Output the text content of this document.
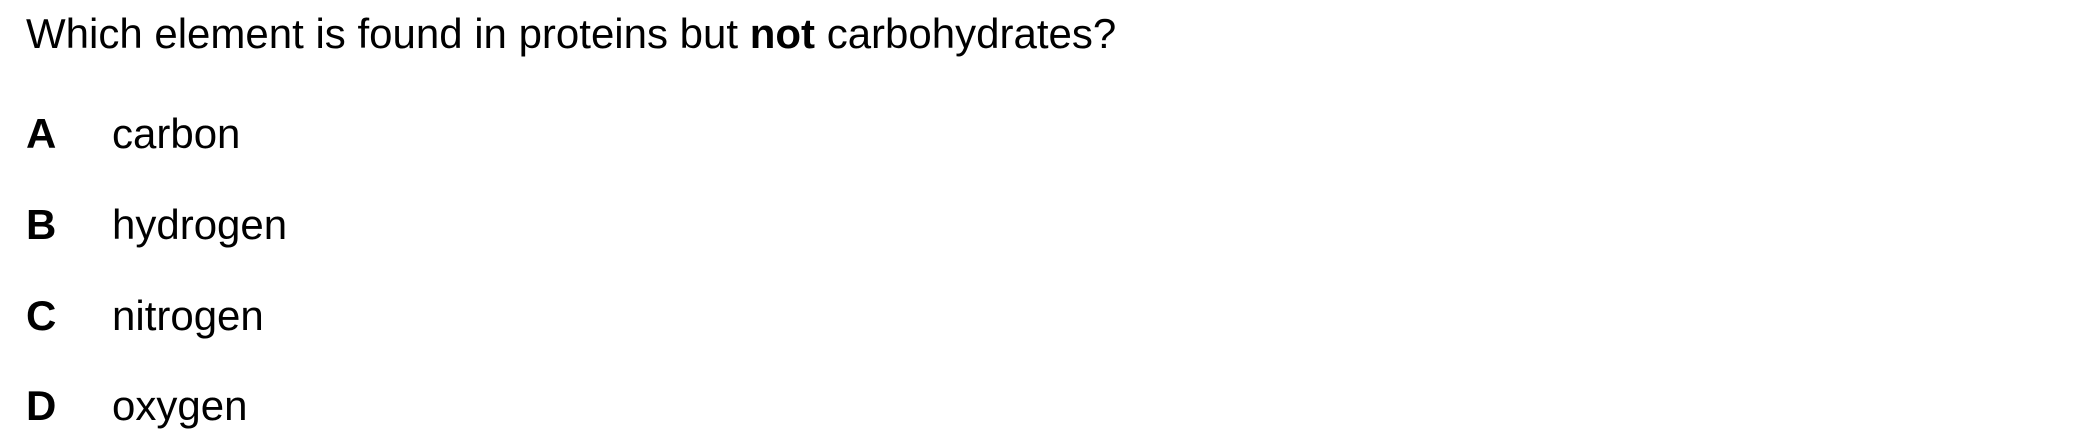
Which element is found in proteins but not carbohydrates?
A carbon
B hydrogen
C nitrogen
D oxygen
